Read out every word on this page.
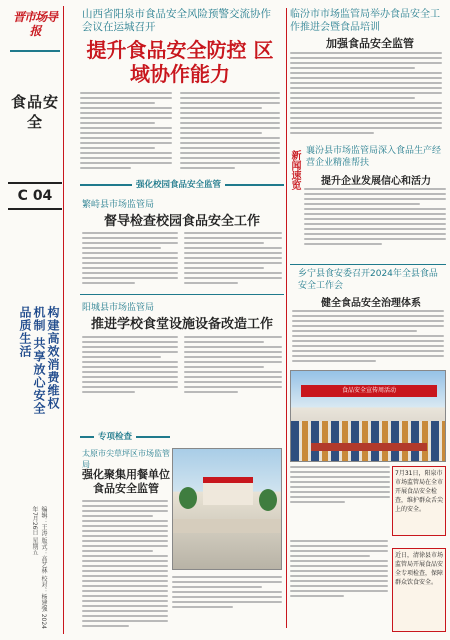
晋市场导报
食品安全
C 04
构建高效消费维权机制 共享放心安全品质生活
编辑：王涛 版式：高艺林 校对：杨建强 2024年7月26日 星期五
山西省阳泉市食品安全风险预警交流协作会议在运城召开
提升食品安全防控 区域协作能力
临汾市市场监管局举办食品安全工作推进会暨食品培训
加强食品安全监管
强化校园食品安全监管
繁峙县市场监管局
督导检查校园食品安全工作
阳城县市场监管局
推进学校食堂设施设备改造工作
专项检查
太原市尖草坪区市场监管局
强化聚集用餐单位食品安全监管
新闻速览 襄汾县市场监管局深入食品生产经营企业精准帮扶
提升企业发展信心和活力
乡宁县食安委召开2024年全县食品安全工作会
健全食品安全治理体系
食品安全宣传周活动
7月31日，阳泉市市场监管局在全市开展食品安全检查，维护群众舌尖上的安全。
近日，清徐县市场监管局开展食品安全专项检查，保障群众饮食安全。
